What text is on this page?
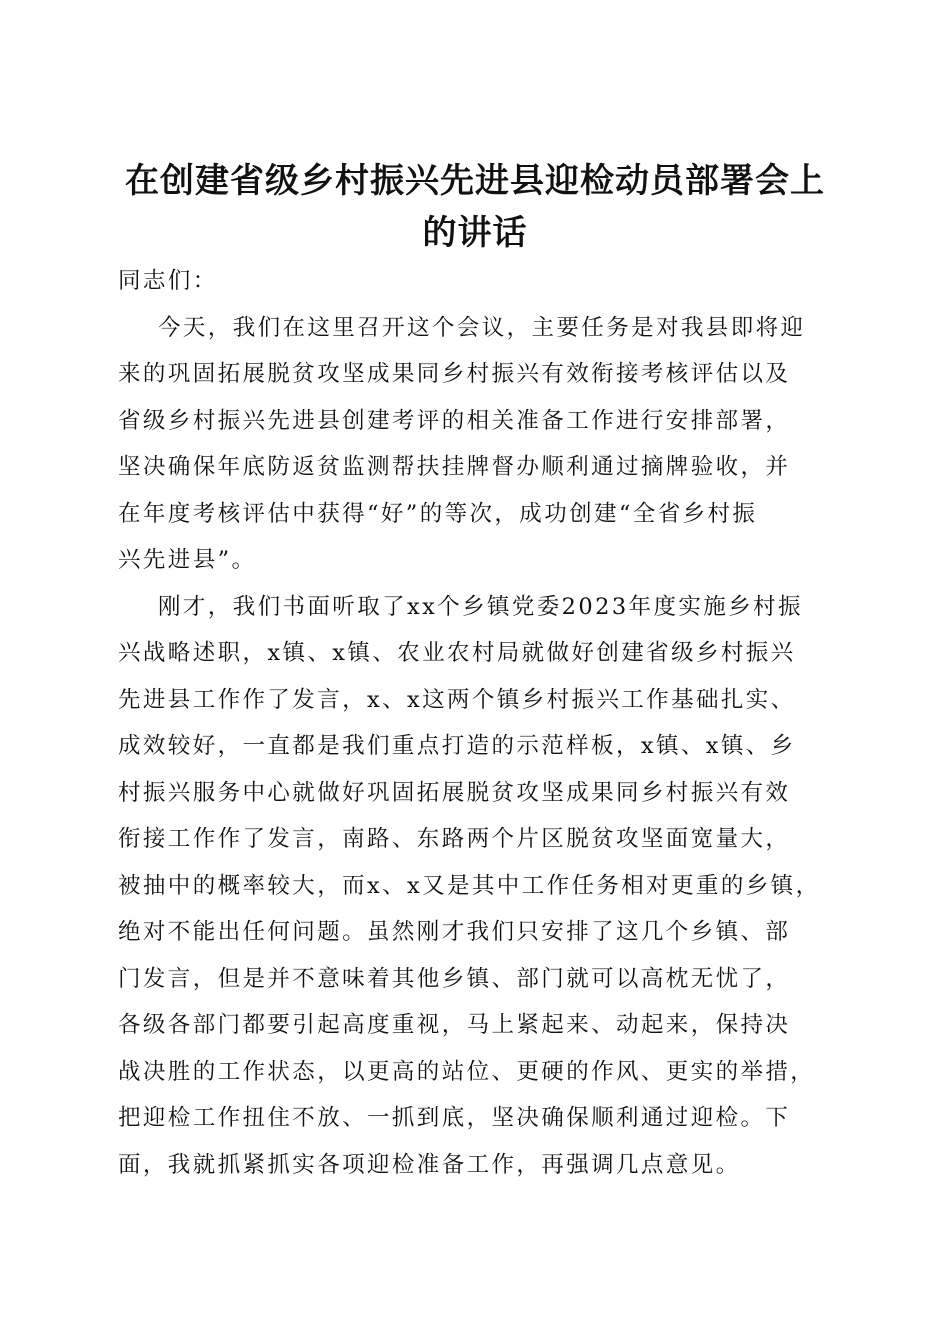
在创建省级乡村振兴先进县迎检动员部署会上
的讲话

同志们：

今天，我们在这里召开这个会议，主要任务是对我县即将迎
来的巩固拓展脱贫攻坚成果同乡村振兴有效衔接考核评估以及
省级乡村振兴先进县创建考评的相关准备工作进行安排部署，
坚决确保年底防返贫监测帮扶挂牌督办顺利通过摘牌验收，并
在年度考核评估中获得“好”的等次，成功创建“全省乡村振
兴先进县”。

刚才，我们书面听取了xx个乡镇党委2023年度实施乡村振
兴战略述职，x镇、x镇、农业农村局就做好创建省级乡村振兴
先进县工作作了发言，x、x这两个镇乡村振兴工作基础扎实、
成效较好，一直都是我们重点打造的示范样板，x镇、x镇、乡
村振兴服务中心就做好巩固拓展脱贫攻坚成果同乡村振兴有效
衔接工作作了发言，南路、东路两个片区脱贫攻坚面宽量大，
被抽中的概率较大，而x、x又是其中工作任务相对更重的乡镇，
绝对不能出任何问题。虽然刚才我们只安排了这几个乡镇、部
门发言，但是并不意味着其他乡镇、部门就可以高枕无忧了，
各级各部门都要引起高度重视，马上紧起来、动起来，保持决
战决胜的工作状态，以更高的站位、更硬的作风、更实的举措，
把迎检工作扭住不放、一抓到底，坚决确保顺利通过迎检。下
面，我就抓紧抓实各项迎检准备工作，再强调几点意见。
